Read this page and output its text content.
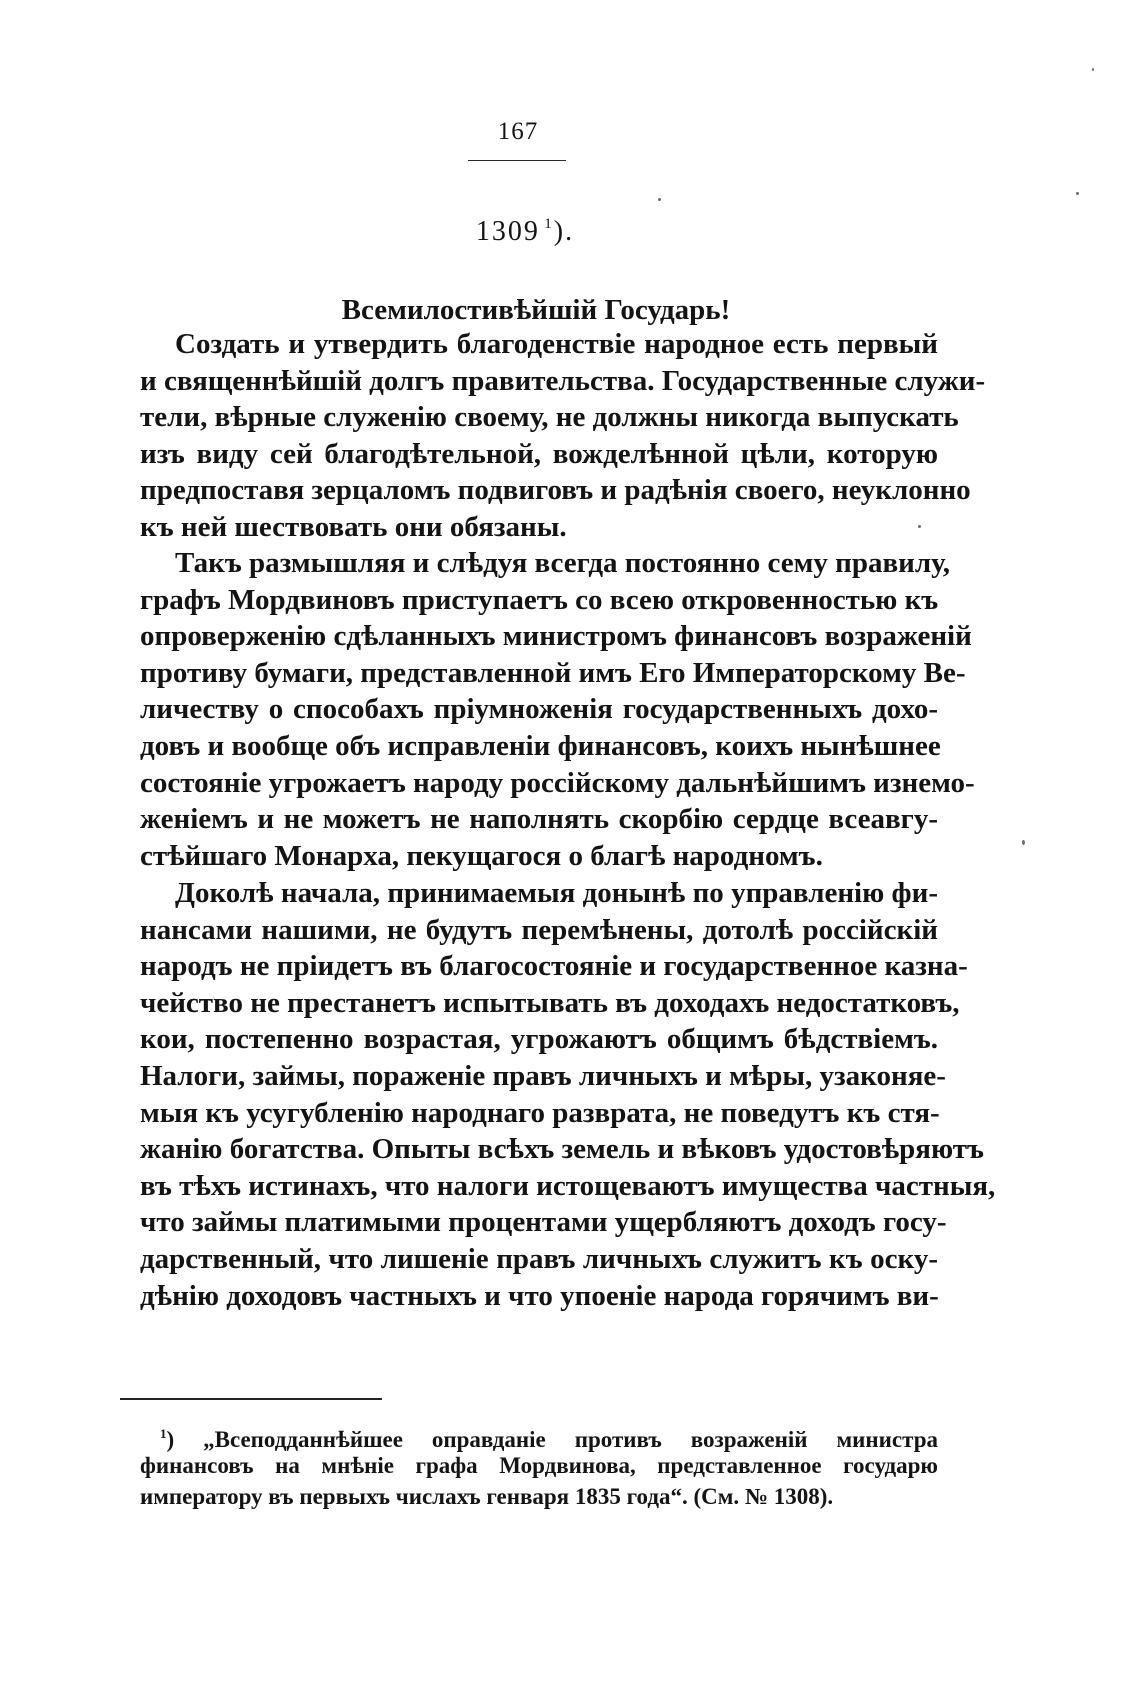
167
1309  $^1$).
Всемилостивѣйшiй Государь!
Создать и утвердить благоденствiе народное есть первый
и священнѣйшiй долгъ правительства. Государственные служи-
тели, вѣрные служенiю своему, не должны никогда выпускать
изъ виду сей благодѣтельной, вожделѣнной цѣли, которую
предпоставя зерцаломъ подвиговъ и радѣнiя своего, неуклонно
къ ней шествовать они обязаны.
Такъ размышляя и слѣдуя всегда постоянно сему правилу,
графъ Мордвиновъ приступаетъ со всею откровенностью къ
опроверженiю сдѣланныхъ министромъ финансовъ возраженiй
противу бумаги, представленной имъ Его Императорскому Ве-
личеству о способахъ прiумноженiя государственныхъ дохо-
довъ и вообще объ исправленiи финансовъ, коихъ нынѣшнее
состоянiе угрожаетъ народу россiйскому дальнѣйшимъ изнемо-
женiемъ и не можетъ не наполнять скорбiю сердце всеавгу-
стѣйшаго Монарха, пекущагося о благѣ народномъ.
Доколѣ начала, принимаемыя донынѣ по управленiю фи-
нансами нашими, не будутъ перемѣнены, дотолѣ россiйскiй
народъ не прiидетъ въ благосостоянiе и государственное казна-
чейство не престанетъ испытывать въ доходахъ недостатковъ,
кои, постепенно возрастая, угрожаютъ общимъ бѣдствiемъ.
Налоги, займы, пораженiе правъ личныхъ и мѣры, узаконяе-
мыя къ усугубленiю народнаго разврата, не поведутъ къ стя-
жанiю богатства. Опыты всѣхъ земель и вѣковъ удостовѣряютъ
въ тѣхъ истинахъ, что налоги истощеваютъ имущества частныя,
что займы платимыми процентами ущербляютъ доходъ госу-
дарственный, что лишенiе правъ личныхъ служитъ къ оску-
дѣнiю доходовъ частныхъ и что упоенiе народа горячимъ ви-
$^1$) „Всеподданнѣйшее оправданiе противъ возраженiй министра
финансовъ на мнѣнiе графа Мордвинова, представленное государю
императору въ первыхъ числахъ генваря 1835 года“. (См. № 1308).
